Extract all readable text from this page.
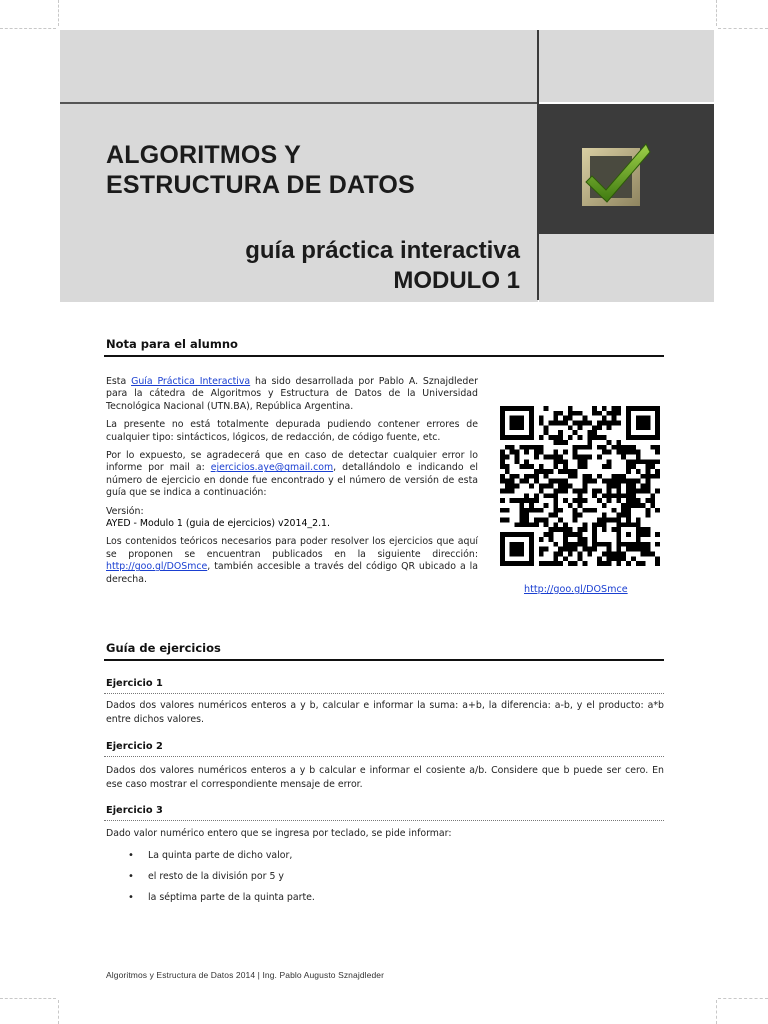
ALGORITMOS Y
ESTRUCTURA DE DATOS
guía práctica interactiva
MODULO 1
Nota para el alumno

Esta Guía Práctica Interactiva ha sido desarrollada por Pablo A. Sznajdleder para la cátedra de Algoritmos y Estructura de Datos de la Universidad Tecnológica Nacional (UTN.BA), República Argentina.

La presente no está totalmente depurada pudiendo contener errores de cualquier tipo: sintácticos, lógicos, de redacción, de código fuente, etc.

Por lo expuesto, se agradecerá que en caso de detectar cualquier error lo informe por mail a: ejercicios.aye@gmail.com, detallándolo e indicando el número de ejercicio en donde fue encontrado y el número de versión de esta guía que se indica a continuación:

Versión:

AYED - Modulo 1 (guia de ejercicios) v2014_2.1.

Los contenidos teóricos necesarios para poder resolver los ejercicios que aquí se proponen se encuentran publicados en la siguiente dirección: http://goo.gl/DOSmce, también accesible a través del código QR ubicado a la derecha.

http://goo.gl/DOSmce
Guía de ejercicios
Ejercicio 1
Dados dos valores numéricos enteros a y b, calcular e informar la suma: a+b, la diferencia: a-b, y el producto: a*b entre dichos valores.
Ejercicio 2
Dados dos valores numéricos enteros a y b calcular e informar el cosiente a/b. Considere que b puede ser cero. En ese caso mostrar el correspondiente mensaje de error.
Ejercicio 3
Dado valor numérico entero que se ingresa por teclado, se pide informar:
• La quinta parte de dicho valor,
• el resto de la división por 5 y
• la séptima parte de la quinta parte.
Algoritmos y Estructura de Datos 2014 | Ing. Pablo Augusto Sznajdleder
